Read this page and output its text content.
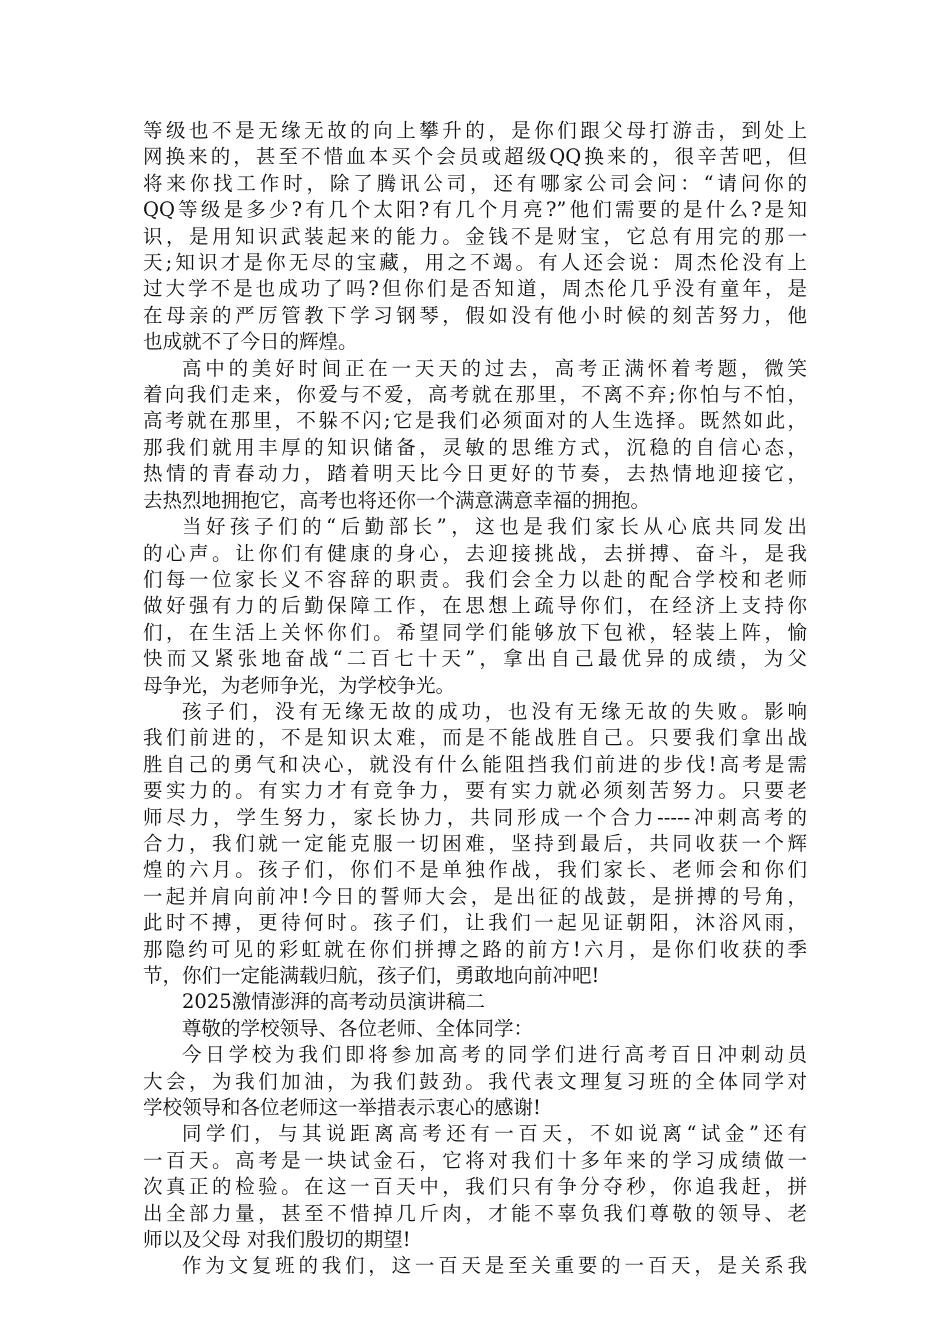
等级也不是无缘无故的向上攀升的，是你们跟父母打游击，到处上
网换来的，甚至不惜血本买个会员或超级QQ换来的，很辛苦吧，但
将来你找工作时，除了腾讯公司，还有哪家公司会问：“请问你的
QQ等级是多少?有几个太阳?有几个月亮?”他们需要的是什么?是知
识，是用知识武装起来的能力。金钱不是财宝，它总有用完的那一
天;知识才是你无尽的宝藏，用之不竭。有人还会说：周杰伦没有上
过大学不是也成功了吗?但你们是否知道，周杰伦几乎没有童年，是
在母亲的严厉管教下学习钢琴，假如没有他小时候的刻苦努力，他
也成就不了今日的辉煌。

高中的美好时间正在一天天的过去，高考正满怀着考题，微笑
着向我们走来，你爱与不爱，高考就在那里，不离不弃;你怕与不怕，
高考就在那里，不躲不闪;它是我们必须面对的人生选择。既然如此，
那我们就用丰厚的知识储备，灵敏的思维方式，沉稳的自信心态，
热情的青春动力，踏着明天比今日更好的节奏，去热情地迎接它，
去热烈地拥抱它，高考也将还你一个满意满意幸福的拥抱。

当好孩子们的“后勤部长”，这也是我们家长从心底共同发出
的心声。让你们有健康的身心，去迎接挑战，去拼搏、奋斗，是我
们每一位家长义不容辞的职责。我们会全力以赴的配合学校和老师
做好强有力的后勤保障工作，在思想上疏导你们，在经济上支持你
们，在生活上关怀你们。希望同学们能够放下包袱，轻装上阵，愉
快而又紧张地奋战“二百七十天”，拿出自己最优异的成绩，为父
母争光，为老师争光，为学校争光。

孩子们，没有无缘无故的成功，也没有无缘无故的失败。影响
我们前进的，不是知识太难，而是不能战胜自己。只要我们拿出战
胜自己的勇气和决心，就没有什么能阻挡我们前进的步伐!高考是需
要实力的。有实力才有竞争力，要有实力就必须刻苦努力。只要老
师尽力，学生努力，家长协力，共同形成一个合力-----冲刺高考的
合力，我们就一定能克服一切困难，坚持到最后，共同收获一个辉
煌的六月。孩子们，你们不是单独作战，我们家长、老师会和你们
一起并肩向前冲!今日的誓师大会，是出征的战鼓，是拼搏的号角，
此时不搏，更待何时。孩子们，让我们一起见证朝阳，沐浴风雨，
那隐约可见的彩虹就在你们拼搏之路的前方!六月，是你们收获的季
节，你们一定能满载归航，孩子们，勇敢地向前冲吧!

2025激情澎湃的高考动员演讲稿二

尊敬的学校领导、各位老师、全体同学：

今日学校为我们即将参加高考的同学们进行高考百日冲刺动员
大会，为我们加油，为我们鼓劲。我代表文理复习班的全体同学对
学校领导和各位老师这一举措表示衷心的感谢!

同学们，与其说距离高考还有一百天，不如说离“试金”还有
一百天。高考是一块试金石，它将对我们十多年来的学习成绩做一
次真正的检验。在这一百天中，我们只有争分夺秒，你追我赶，拼
出全部力量，甚至不惜掉几斤肉，才能不辜负我们尊敬的领导、老
师以及父母 对我们殷切的期望!

作为文复班的我们，这一百天是至关重要的一百天，是关系我
